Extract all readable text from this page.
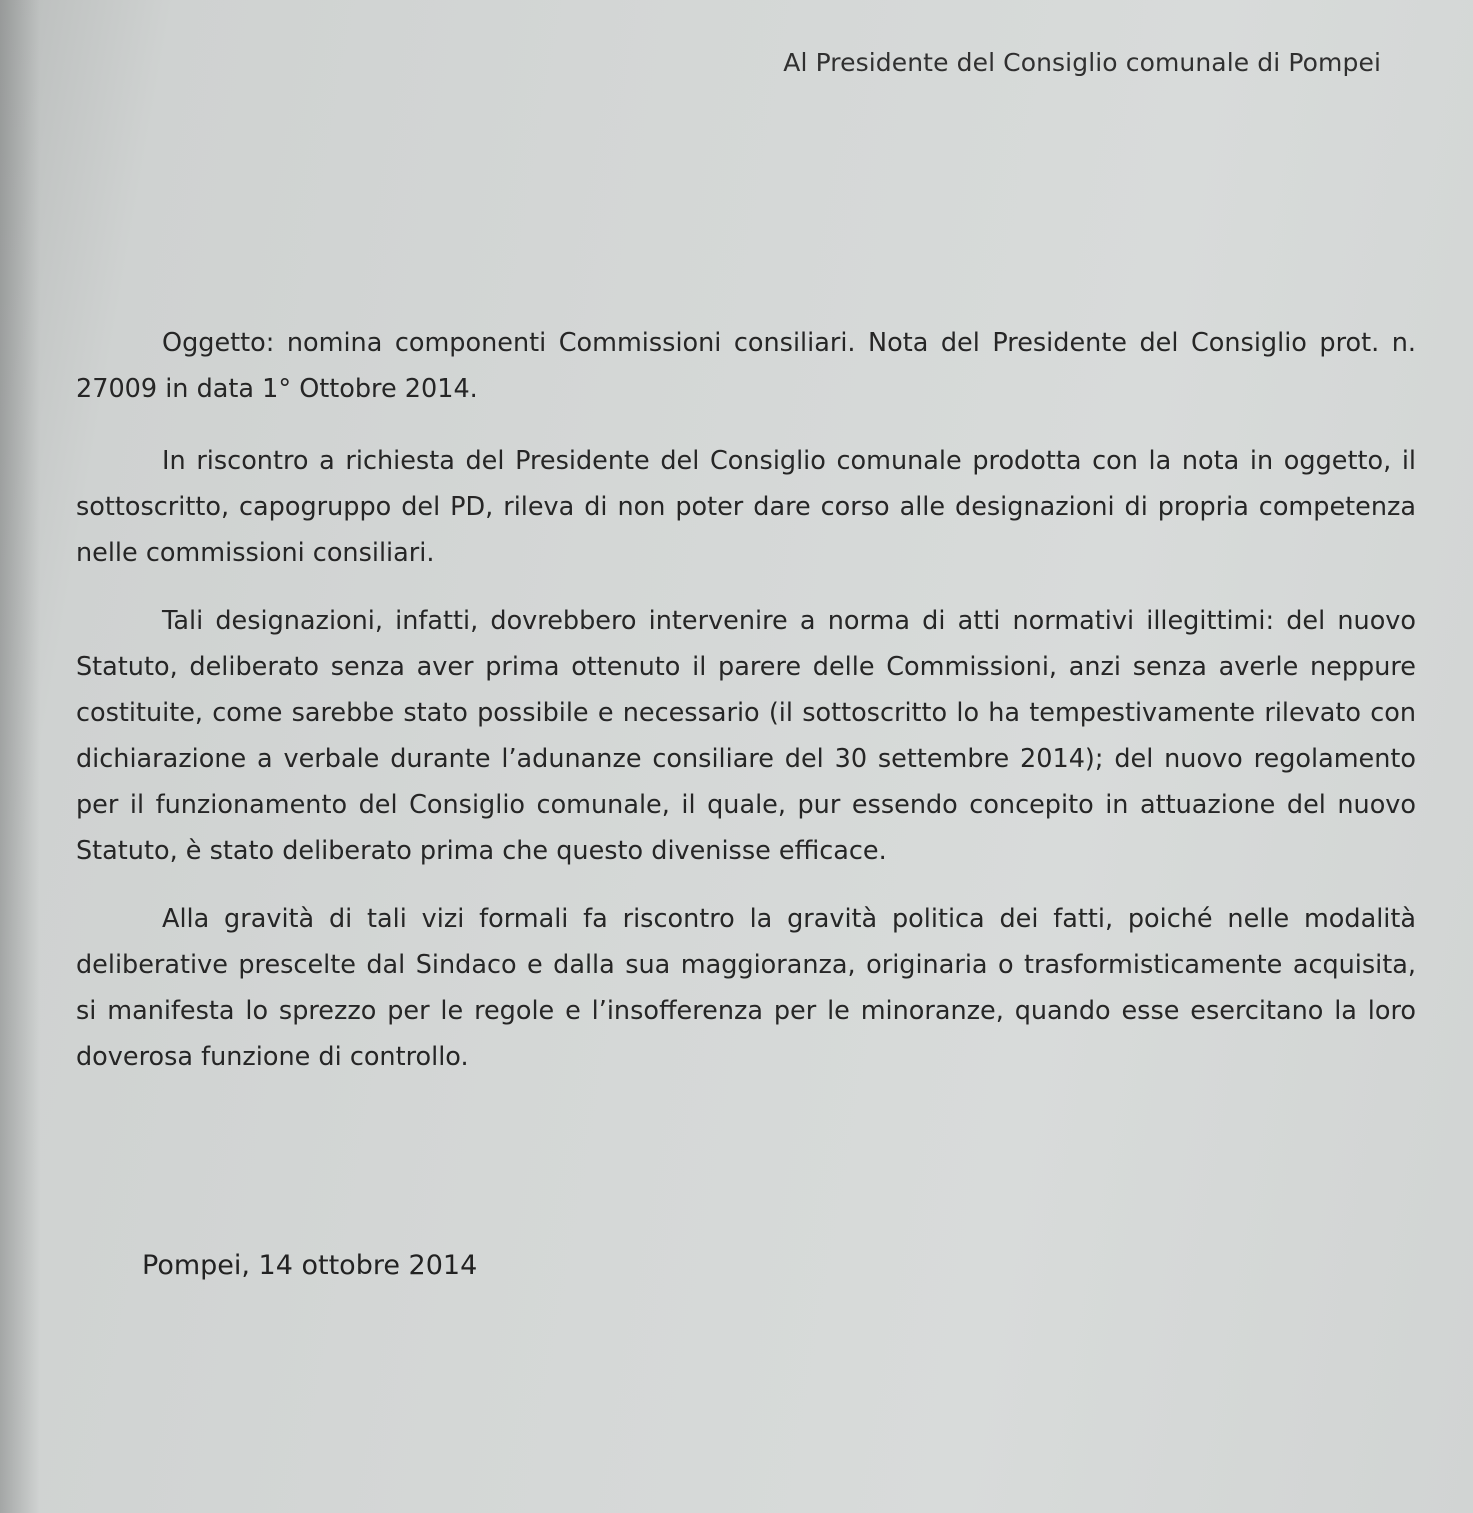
Al Presidente del Consiglio comunale di Pompei

Oggetto: nomina componenti Commissioni consiliari. Nota del Presidente del Consiglio prot. n. 27009 in data 1° Ottobre 2014.

In riscontro a richiesta del Presidente del Consiglio comunale prodotta con la nota in oggetto, il sottoscritto, capogruppo del PD, rileva di non poter dare corso alle designazioni di propria competenza nelle commissioni consiliari.

Tali designazioni, infatti, dovrebbero intervenire a norma di atti normativi illegittimi: del nuovo Statuto, deliberato senza aver prima ottenuto il parere delle Commissioni, anzi senza averle neppure costituite, come sarebbe stato possibile e necessario (il sottoscritto lo ha tempestivamente rilevato con dichiarazione a verbale durante l’adunanze consiliare del 30 settembre 2014); del nuovo regolamento per il funzionamento del Consiglio comunale, il quale, pur essendo concepito in attuazione del nuovo Statuto, è stato deliberato prima che questo divenisse efficace.

Alla gravità di tali vizi formali fa riscontro la gravità politica dei fatti, poiché nelle modalità deliberative prescelte dal Sindaco e dalla sua maggioranza, originaria o trasformisticamente acquisita, si manifesta lo sprezzo per le regole e l’insofferenza per le minoranze, quando esse esercitano la loro doverosa funzione di controllo.

Pompei, 14 ottobre 2014
